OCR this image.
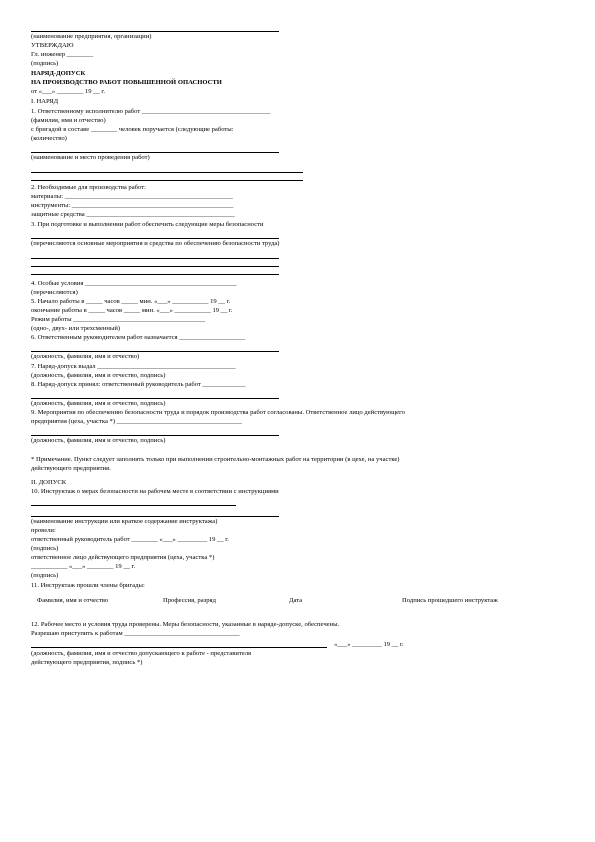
(наименование предприятия, организации)
УТВЕРЖДАЮ
Гл. инженер ________
(подпись)
НАРЯД-ДОПУСК
НА ПРОИЗВОДСТВО РАБОТ ПОВЫШЕННОЙ ОПАСНОСТИ
от «___» ________ 19 __ г.
I. НАРЯД
1. Ответственному исполнителю работ _______________________________________
(фамилия, имя и отчество)
с бригадой в составе ________ человек поручается (следующие работы:
(количество)
(наименование и место проведения работ)
2. Необходимые для производства работ:
материалы: ___________________________________________________
инструменты: _________________________________________________
защитные средства _____________________________________________
3. При подготовке и выполнении работ обеспечить следующие меры безопасности
(перечисляются основные мероприятия и средства по обеспечению безопасности труда)
4. Особые условия ______________________________________________
(перечисляются)
5. Начало работы в _____ часов _____ мин. «___» ___________ 19 __ г.
окончание работы в _____ часов _____ мин. «___» ___________ 19 __ г.
Режим работы ________________________________________
(одно-, двух- или трехсменный)
6. Ответственным руководителем работ назначается ____________________
(должность, фамилия, имя и отчество)
7. Наряд-допуск выдал __________________________________________
(должность, фамилия, имя и отчество, подпись)
8. Наряд-допуск принял: ответственный руководитель работ _____________
(должность, фамилия, имя и отчество, подпись)
9. Мероприятия по обеспечению безопасности труда и порядок производства работ согласованы. Ответственное лицо действующего
предприятия (цеха, участка *) ______________________________________
(должность, фамилия, имя и отчество, подпись)
* Примечание. Пункт следует заполнять только при выполнении строительно-монтажных работ на территории (в цехе, на участке)
действующего предприятия.
II. ДОПУСК
10. Инструктаж о мерах безопасности на рабочем месте в соответствии с инструкциями
(наименование инструкции или краткое содержание инструктажа)
провели:
ответственный руководитель работ ________ «___» _________ 19 __ г.
(подпись)
ответственное лицо действующего предприятия (цеха, участка *)
___________ «___» ________ 19 __ г.
(подпись)
11. Инструктаж прошли члены бригады:
Фамилия, имя и отчество	Профессия, разряд	Дата	Подпись прошедшего инструктаж
12. Рабочее место и условия труда проверены. Меры безопасности, указанные в наряде-допуске, обеспечены.
Разрешаю приступить к работам ___________________________________
«___» _________ 19 __ г.
(должность, фамилия, имя и отчество допускающего к работе - представителя
действующего предприятия, подпись *)
